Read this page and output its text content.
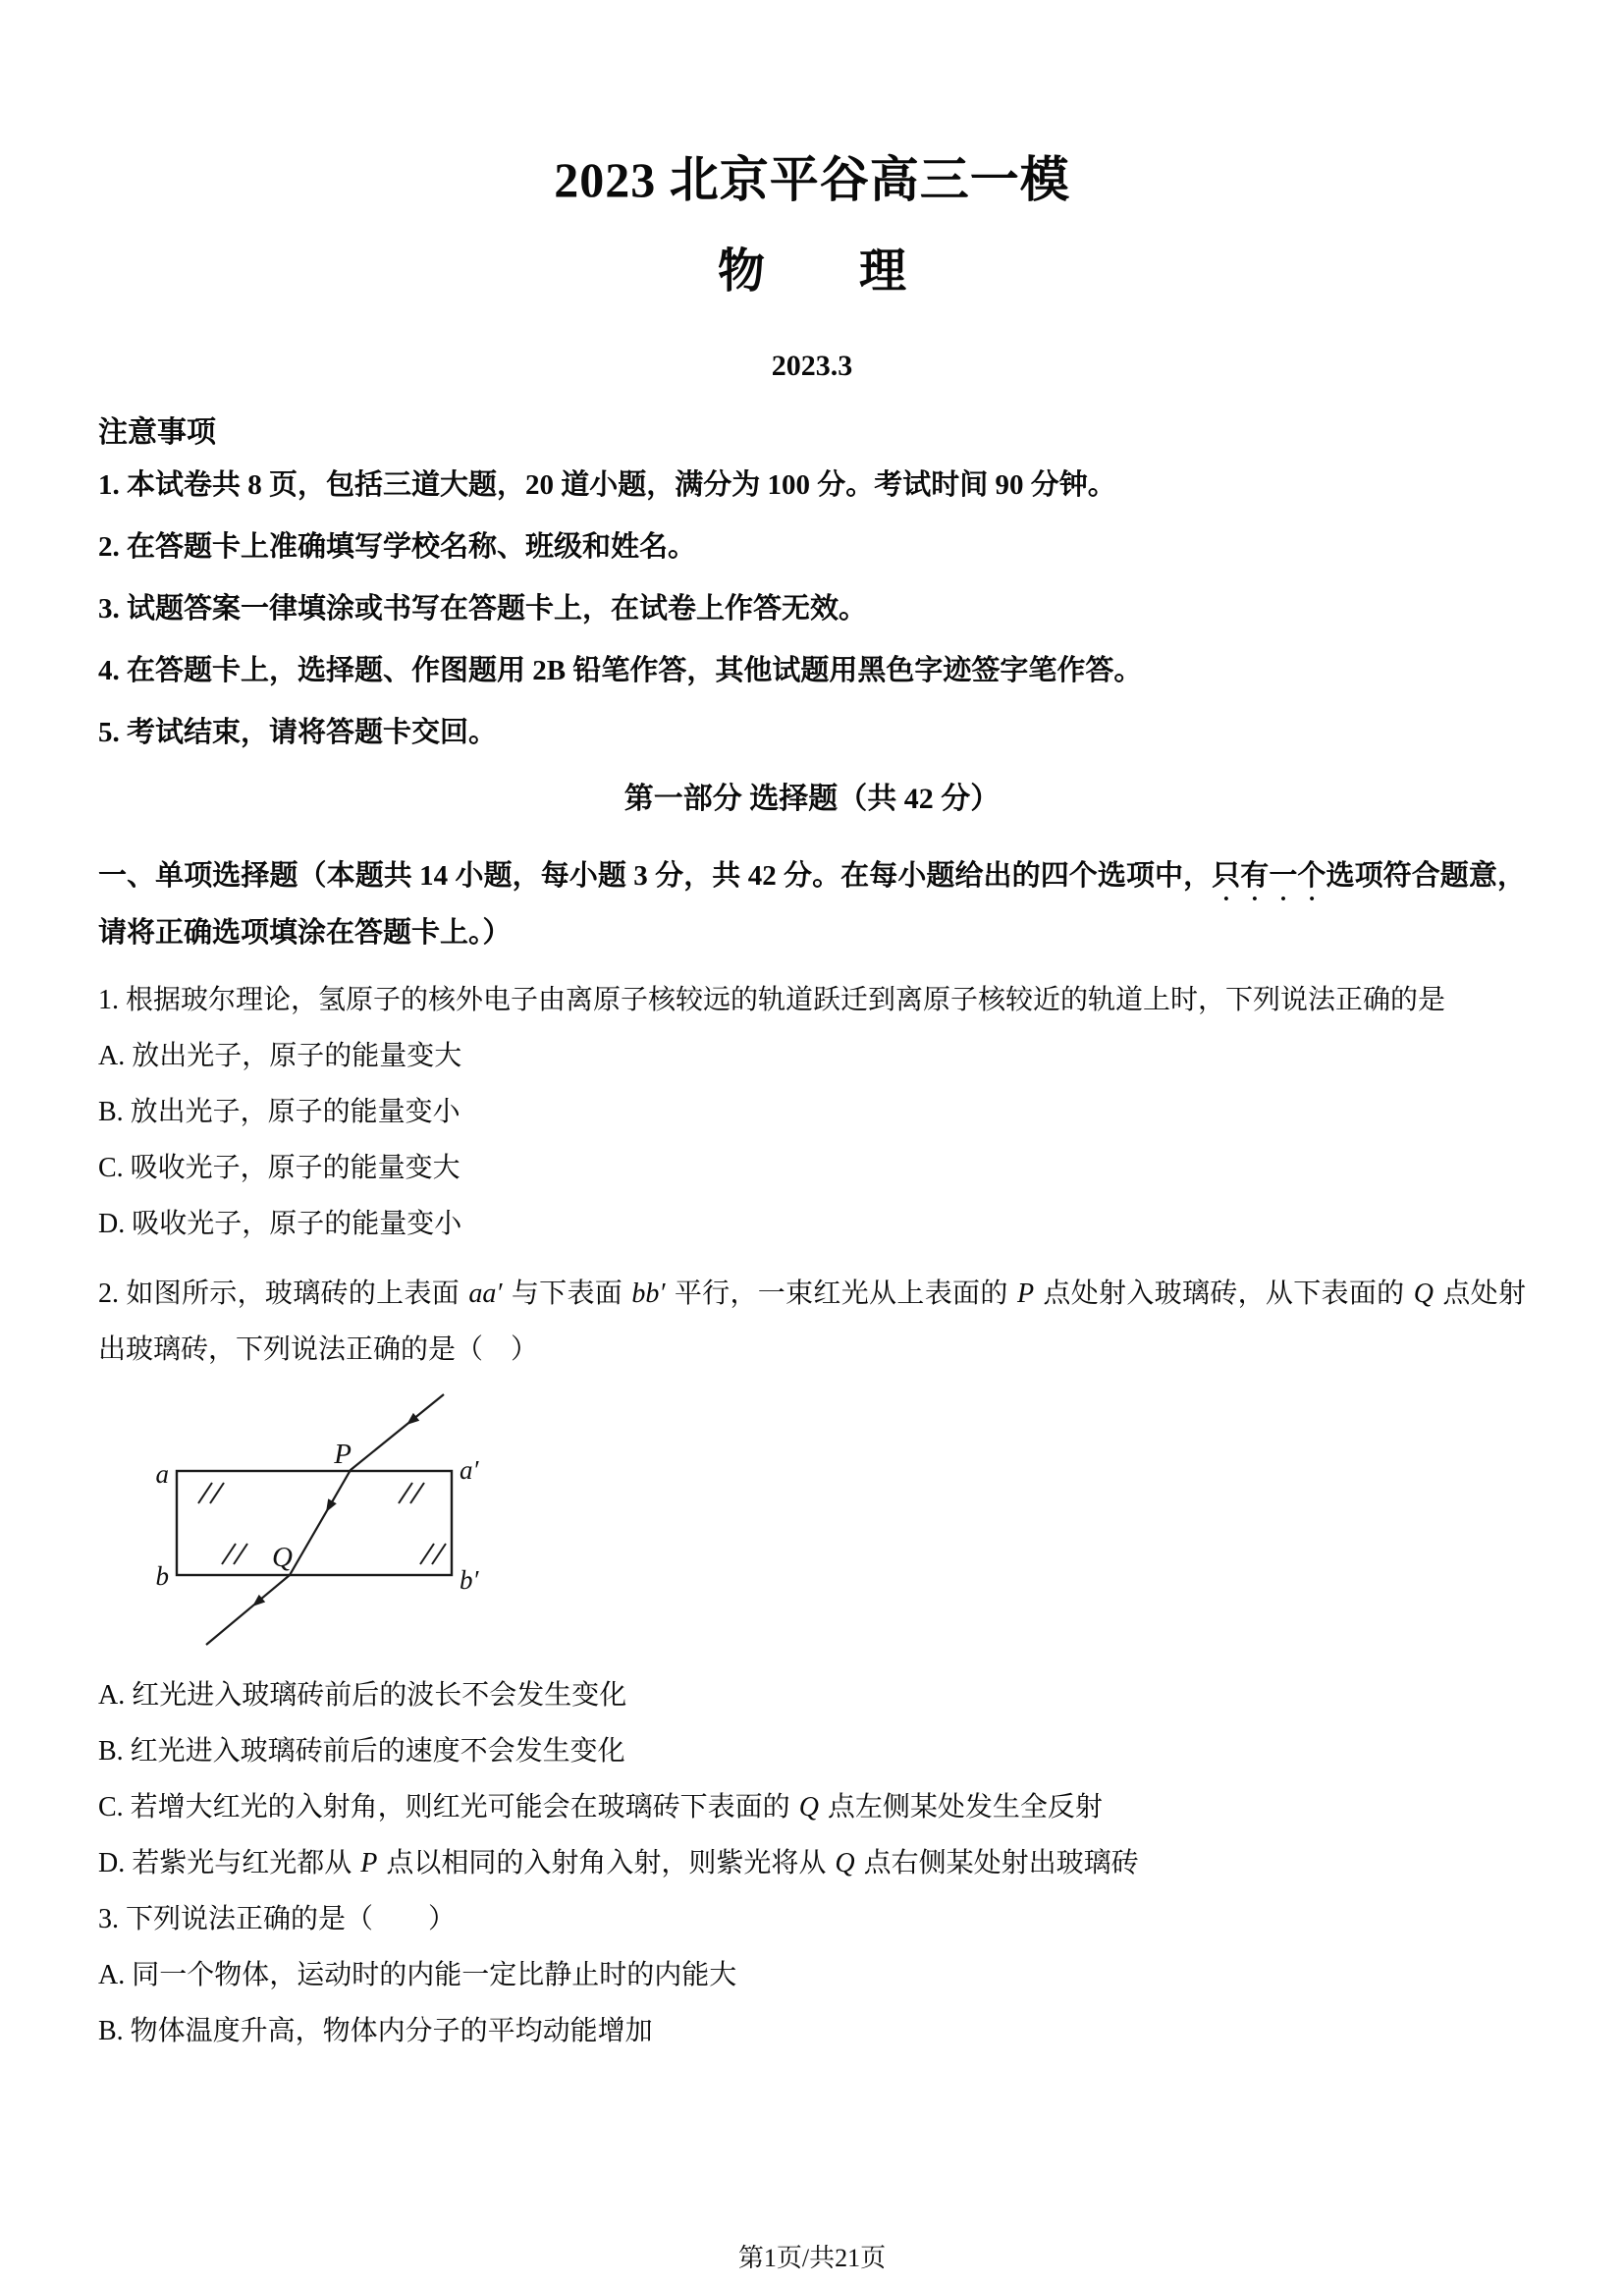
2023 北京平谷高三一模
物　　理
2023.3
注意事项

1. 本试卷共 8 页，包括三道大题，20 道小题，满分为 100 分。考试时间 90 分钟。

2. 在答题卡上准确填写学校名称、班级和姓名。

3. 试题答案一律填涂或书写在答题卡上，在试卷上作答无效。

4. 在答题卡上，选择题、作图题用 2B 铅笔作答，其他试题用黑色字迹签字笔作答。

5. 考试结束，请将答题卡交回。

第一部分 选择题（共 42 分）

一、单项选择题（本题共 14 小题，每小题 3 分，共 42 分。在每小题给出的四个选项中，只有一个选项符合题意，请将正确选项填涂在答题卡上。）

1. 根据玻尔理论，氢原子的核外电子由离原子核较远的轨道跃迁到离原子核较近的轨道上时，下列说法正确的是

A. 放出光子，原子的能量变大

B. 放出光子，原子的能量变小

C. 吸收光子，原子的能量变大

D. 吸收光子，原子的能量变小

2. 如图所示，玻璃砖的上表面 aa′ 与下表面 bb′ 平行，一束红光从上表面的 P 点处射入玻璃砖，从下表面的 Q 点处射出玻璃砖，下列说法正确的是（　）

a	a′
b	b′
P
Q

A. 红光进入玻璃砖前后的波长不会发生变化

B. 红光进入玻璃砖前后的速度不会发生变化

C. 若增大红光的入射角，则红光可能会在玻璃砖下表面的 Q 点左侧某处发生全反射

D. 若紫光与红光都从 P 点以相同的入射角入射，则紫光将从 Q 点右侧某处射出玻璃砖

3. 下列说法正确的是（　　）

A. 同一个物体，运动时的内能一定比静止时的内能大

B. 物体温度升高，物体内分子的平均动能增加

第1页/共21页
